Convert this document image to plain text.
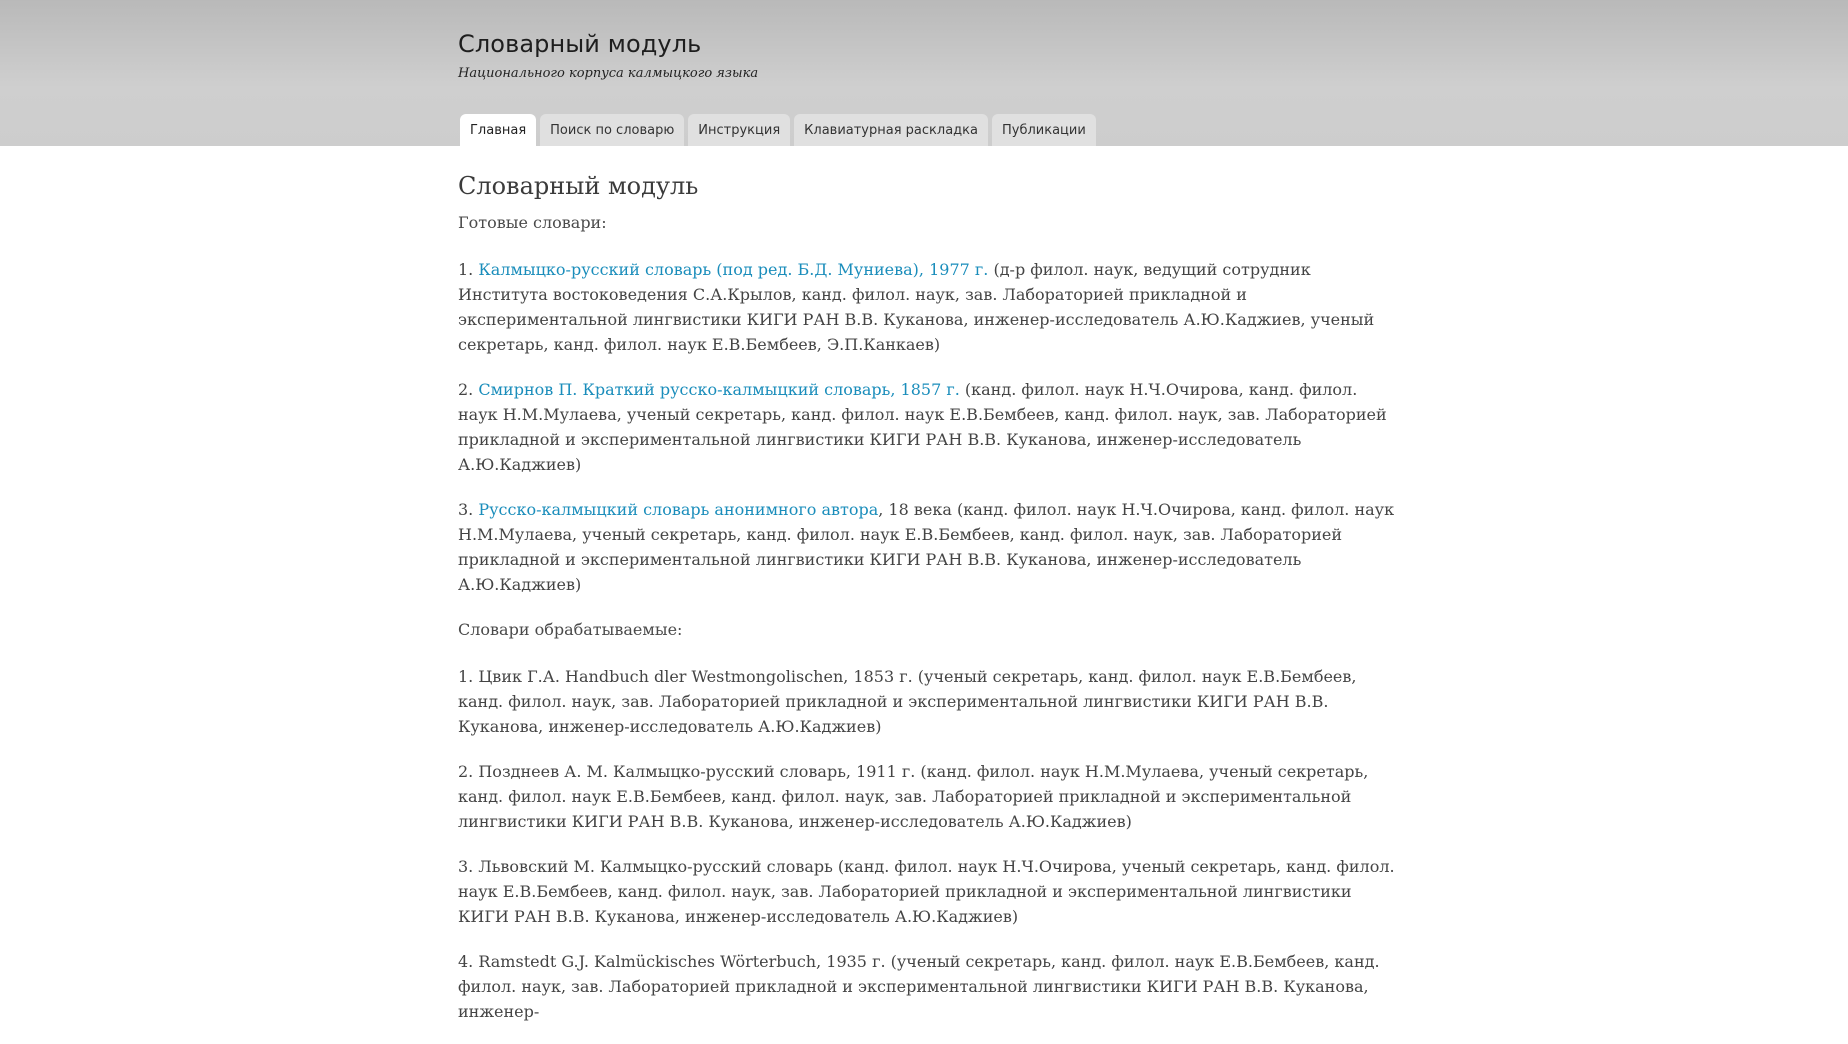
Словарный модуль
Национального корпуса калмыцкого языка
Главная	Поиск по словарю	Инструкция	Клавиатурная раскладка	Публикации
Словарный модуль

Готовые словари:

1. Калмыцко-русский словарь (под ред. Б.Д. Муниева), 1977 г. (д-р филол. наук, ведущий сотрудник Института востоковедения С.А.Крылов, канд. филол. наук, зав. Лабораторией прикладной и экспериментальной лингвистики КИГИ РАН В.В. Куканова, инженер-исследователь А.Ю.Каджиев, ученый секретарь, канд. филол. наук Е.В.Бембеев, Э.П.Канкаев)

2. Смирнов П. Краткий русско-калмыцкий словарь, 1857 г. (канд. филол. наук Н.Ч.Очирова, канд. филол. наук Н.М.Мулаева, ученый секретарь, канд. филол. наук Е.В.Бембеев, канд. филол. наук, зав. Лабораторией прикладной и экспериментальной лингвистики КИГИ РАН В.В. Куканова, инженер-исследователь А.Ю.Каджиев)

3. Русско-калмыцкий словарь анонимного автора, 18 века (канд. филол. наук Н.Ч.Очирова, канд. филол. наук Н.М.Мулаева, ученый секретарь, канд. филол. наук Е.В.Бембеев, канд. филол. наук, зав. Лабораторией прикладной и экспериментальной лингвистики КИГИ РАН В.В. Куканова, инженер-исследователь А.Ю.Каджиев)

Словари обрабатываемые:

1. Цвик Г.А. Handbuch dler Westmongolischen, 1853 г. (ученый секретарь, канд. филол. наук Е.В.Бембеев, канд. филол. наук, зав. Лабораторией прикладной и экспериментальной лингвистики КИГИ РАН В.В. Куканова, инженер-исследователь А.Ю.Каджиев)

2. Позднеев А. М. Калмыцко-русский словарь, 1911 г. (канд. филол. наук Н.М.Мулаева, ученый секретарь, канд. филол. наук Е.В.Бембеев, канд. филол. наук, зав. Лабораторией прикладной и экспериментальной лингвистики КИГИ РАН В.В. Куканова, инженер-исследователь А.Ю.Каджиев)

3. Львовский М. Калмыцко-русский словарь (канд. филол. наук Н.Ч.Очирова, ученый секретарь, канд. филол. наук Е.В.Бембеев, канд. филол. наук, зав. Лабораторией прикладной и экспериментальной лингвистики КИГИ РАН В.В. Куканова, инженер-исследователь А.Ю.Каджиев)

4. Ramstedt G.J. Kalmückisches Wörterbuch, 1935 г. (ученый секретарь, канд. филол. наук Е.В.Бембеев, канд. филол. наук, зав. Лабораторией прикладной и экспериментальной лингвистики КИГИ РАН В.В. Куканова, инженер-
